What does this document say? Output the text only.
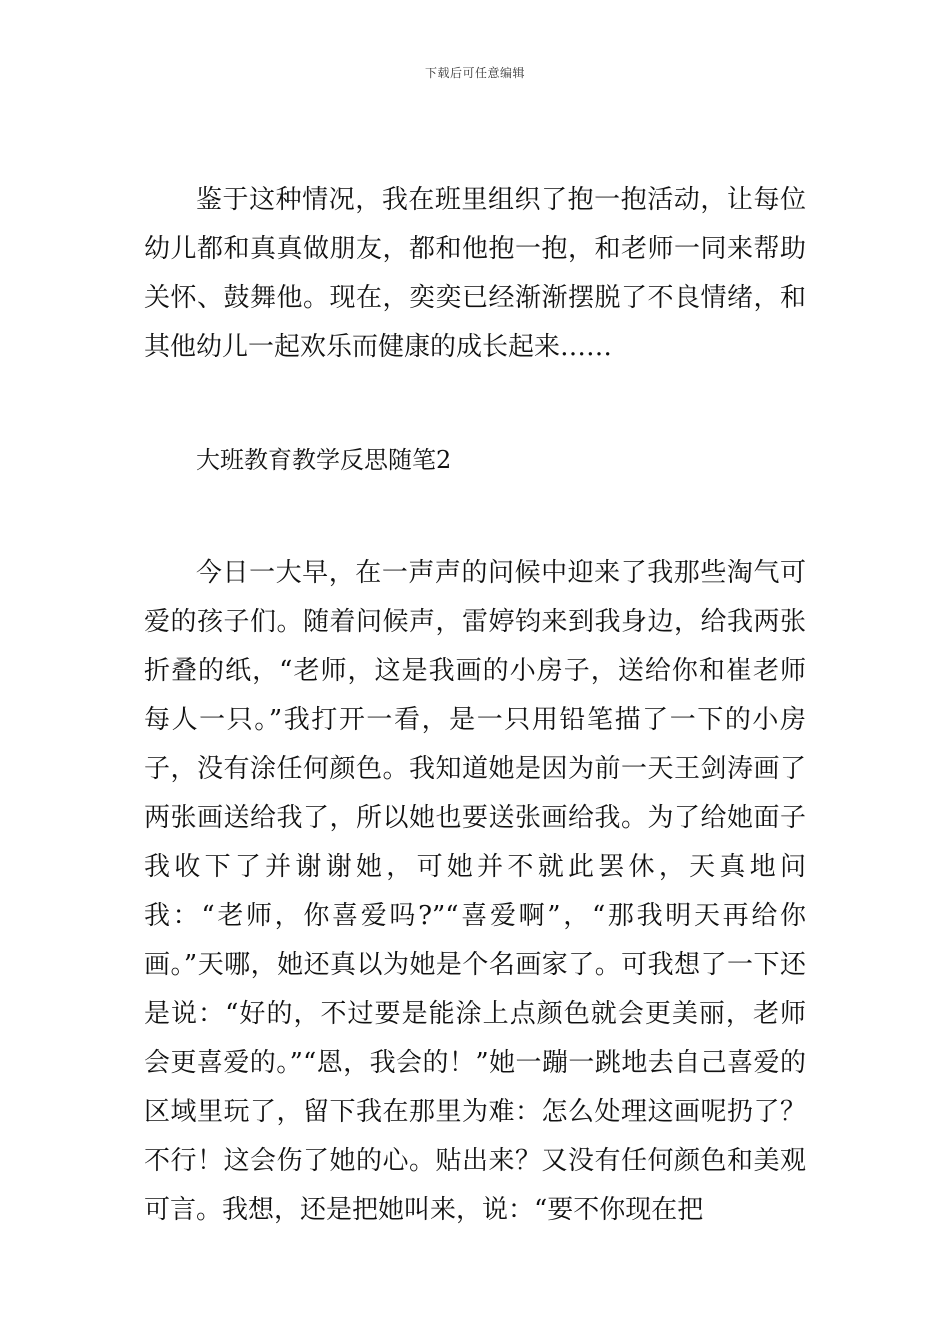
下载后可任意编辑

鉴于这种情况，我在班里组织了抱一抱活动，让每位幼儿都和真真做朋友，都和他抱一抱，和老师一同来帮助关怀、鼓舞他。现在，奕奕已经渐渐摆脱了不良情绪，和其他幼儿一起欢乐而健康的成长起来……

大班教育教学反思随笔2

今日一大早，在一声声的问候中迎来了我那些淘气可爱的孩子们。随着问候声，雷婷钧来到我身边，给我两张折叠的纸，“老师，这是我画的小房子，送给你和崔老师每人一只。”我打开一看，是一只用铅笔描了一下的小房子，没有涂任何颜色。我知道她是因为前一天王剑涛画了两张画送给我了，所以她也要送张画给我。为了给她面子我收下了并谢谢她，可她并不就此罢休，天真地问我：“老师，你喜爱吗?”“喜爱啊”，“那我明天再给你画。”天哪，她还真以为她是个名画家了。可我想了一下还是说：“好的，不过要是能涂上点颜色就会更美丽，老师会更喜爱的。”“恩，我会的！”她一蹦一跳地去自己喜爱的区域里玩了，留下我在那里为难：怎么处理这画呢扔了？不行！这会伤了她的心。贴出来？又没有任何颜色和美观可言。我想，还是把她叫来，说：“要不你现在把
